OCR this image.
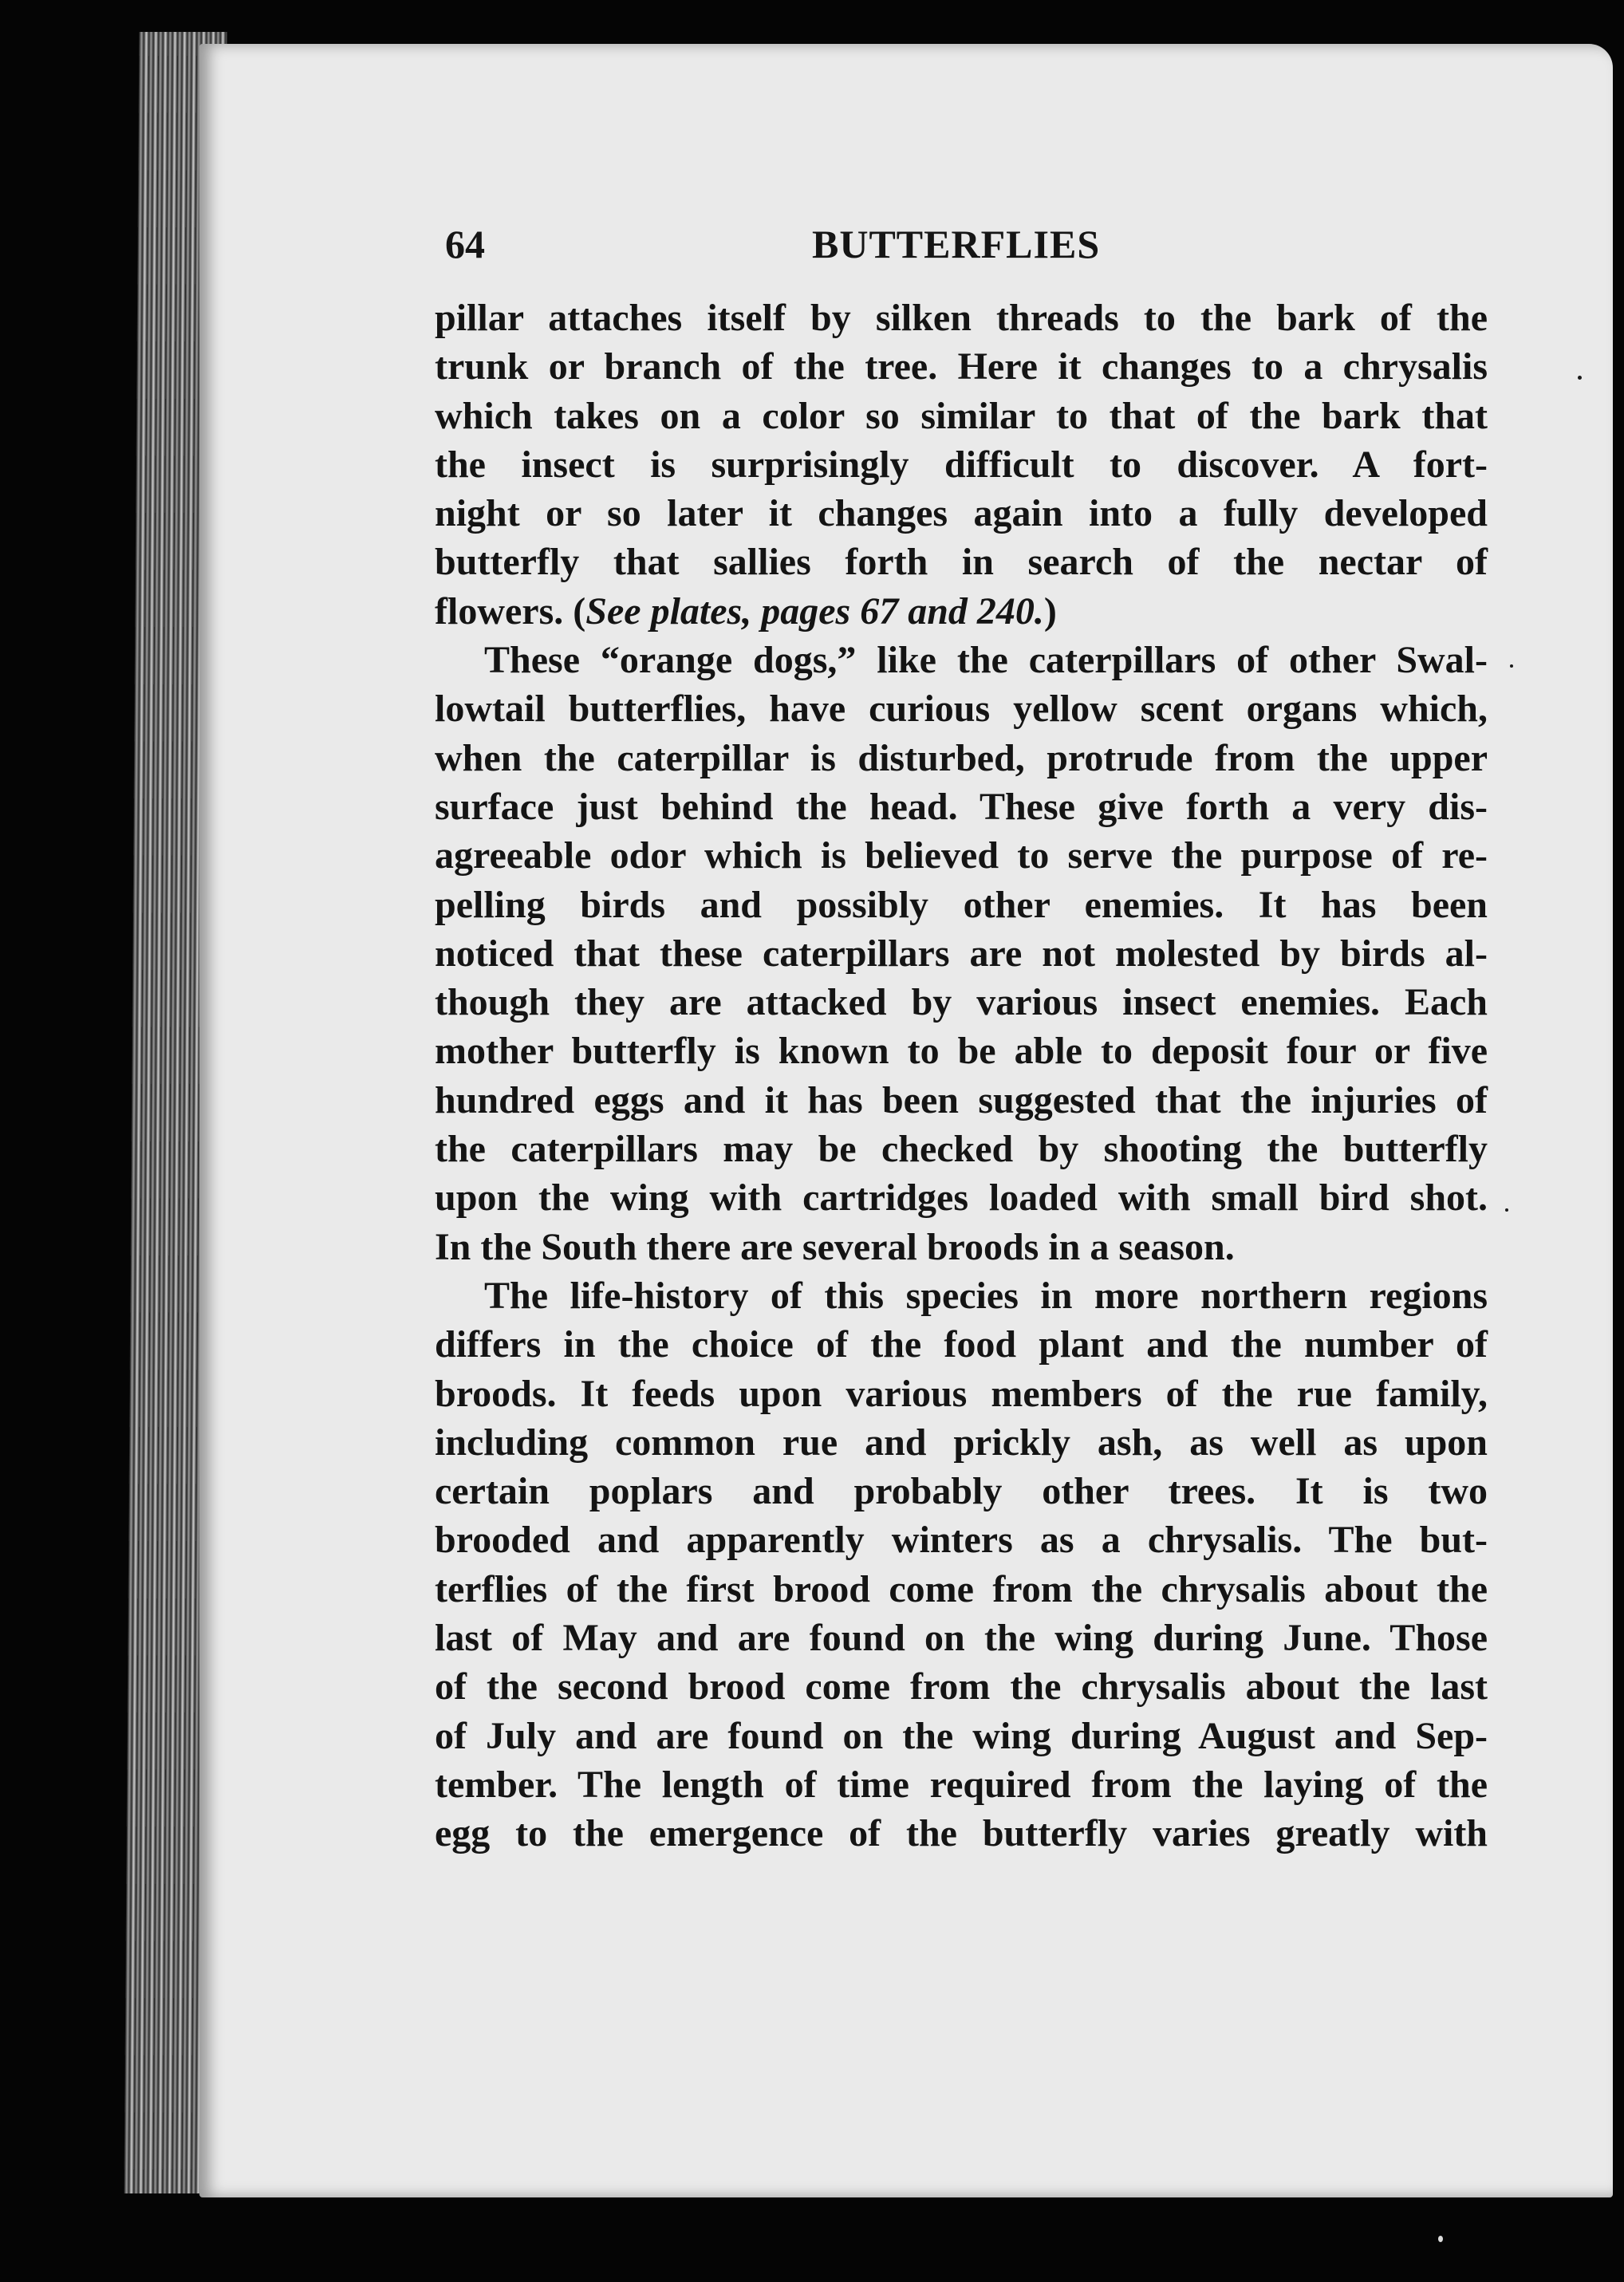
64	BUTTERFLIES
pillar attaches itself by silken threads to the bark of the
trunk or branch of the tree. Here it changes to a chrysalis
which takes on a color so similar to that of the bark that
the insect is surprisingly difficult to discover. A fort-
night or so later it changes again into a fully developed
butterfly that sallies forth in search of the nectar of
flowers. (See plates, pages 67 and 240.)
These “orange dogs,” like the caterpillars of other Swal-
lowtail butterflies, have curious yellow scent organs which,
when the caterpillar is disturbed, protrude from the upper
surface just behind the head. These give forth a very dis-
agreeable odor which is believed to serve the purpose of re-
pelling birds and possibly other enemies. It has been
noticed that these caterpillars are not molested by birds al-
though they are attacked by various insect enemies. Each
mother butterfly is known to be able to deposit four or five
hundred eggs and it has been suggested that the injuries of
the caterpillars may be checked by shooting the butterfly
upon the wing with cartridges loaded with small bird shot.
In the South there are several broods in a season.
The life-history of this species in more northern regions
differs in the choice of the food plant and the number of
broods. It feeds upon various members of the rue family,
including common rue and prickly ash, as well as upon
certain poplars and probably other trees. It is two
brooded and apparently winters as a chrysalis. The but-
terflies of the first brood come from the chrysalis about the
last of May and are found on the wing during June. Those
of the second brood come from the chrysalis about the last
of July and are found on the wing during August and Sep-
tember. The length of time required from the laying of the
egg to the emergence of the butterfly varies greatly with
